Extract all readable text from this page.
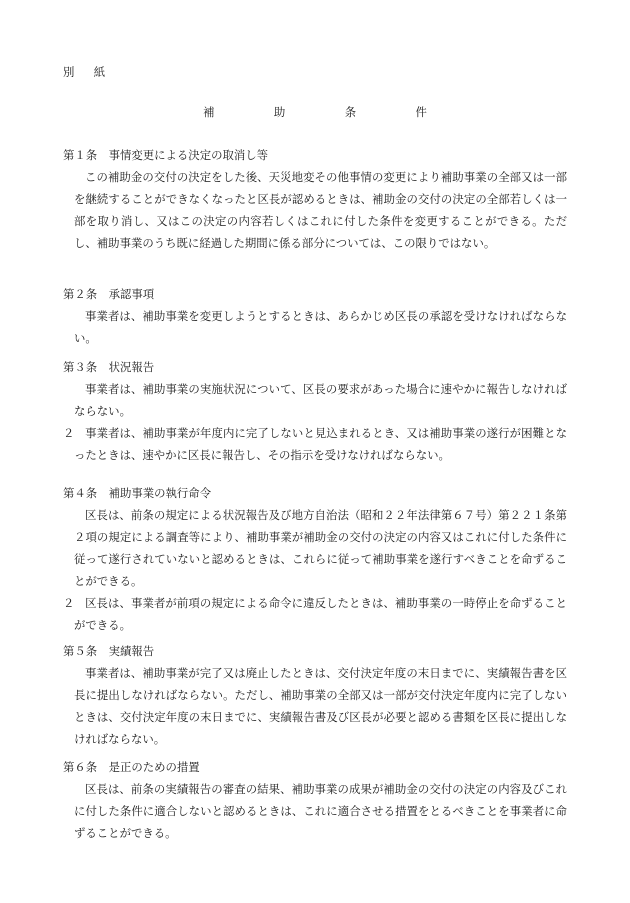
別　紙
補　助　条　件
第１条　事情変更による決定の取消し等
この補助金の交付の決定をした後、天災地変その他事情の変更により補助事業の全部又は一部を継続することができなくなったと区長が認めるときは、補助金の交付の決定の全部若しくは一部を取り消し、又はこの決定の内容若しくはこれに付した条件を変更することができる。ただし、補助事業のうち既に経過した期間に係る部分については、この限りではない。
第２条　承認事項
事業者は、補助事業を変更しようとするときは、あらかじめ区長の承認を受けなければならない。
第３条　状況報告
事業者は、補助事業の実施状況について、区長の要求があった場合に速やかに報告しなければならない。
２ 事業者は、補助事業が年度内に完了しないと見込まれるとき、又は補助事業の遂行が困難となったときは、速やかに区長に報告し、その指示を受けなければならない。
第４条　補助事業の執行命令
区長は、前条の規定による状況報告及び地方自治法（昭和２２年法律第６７号）第２２１条第２項の規定による調査等により、補助事業が補助金の交付の決定の内容又はこれに付した条件に従って遂行されていないと認めるときは、これらに従って補助事業を遂行すべきことを命ずることができる。
２ 区長は、事業者が前項の規定による命令に違反したときは、補助事業の一時停止を命ずることができる。
第５条　実績報告
事業者は、補助事業が完了又は廃止したときは、交付決定年度の末日までに、実績報告書を区長に提出しなければならない。ただし、補助事業の全部又は一部が交付決定年度内に完了しないときは、交付決定年度の末日までに、実績報告書及び区長が必要と認める書類を区長に提出しなければならない。
第６条　是正のための措置
区長は、前条の実績報告の審査の結果、補助事業の成果が補助金の交付の決定の内容及びこれに付した条件に適合しないと認めるときは、これに適合させる措置をとるべきことを事業者に命ずることができる。
